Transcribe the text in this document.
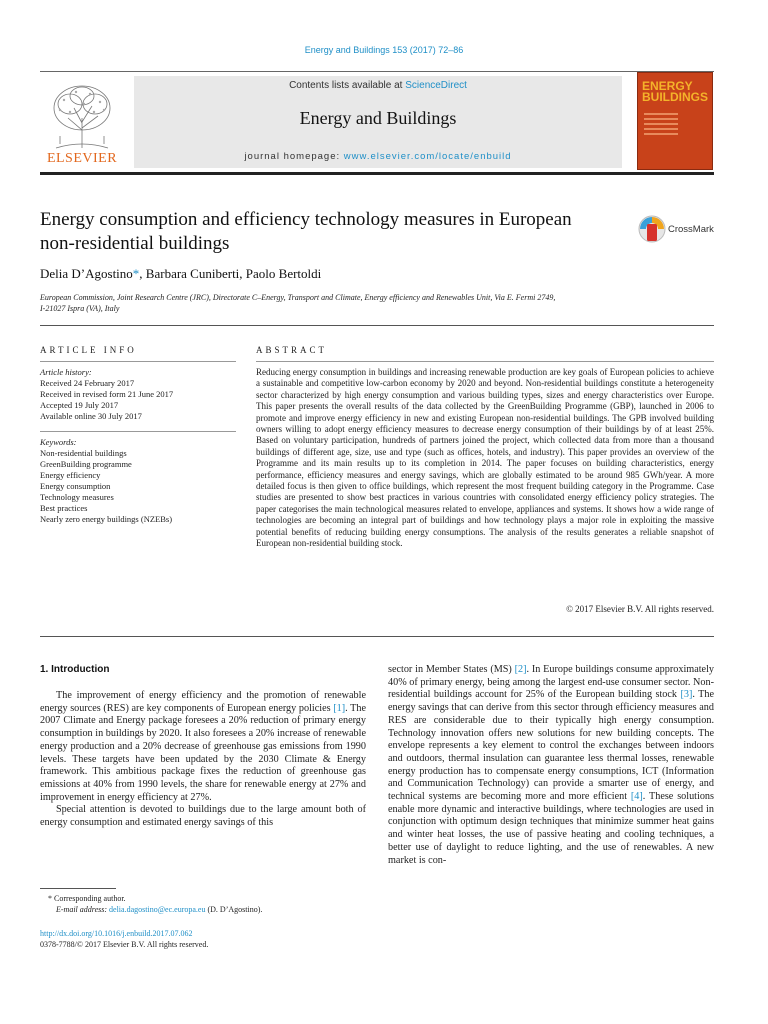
Energy and Buildings 153 (2017) 72–86
ELSEVIER
Contents lists available at ScienceDirect
Energy and Buildings
journal homepage: www.elsevier.com/locate/enbuild
ENERGY BUILDINGS
Energy consumption and efficiency technology measures in European
non-residential buildings
CrossMark
Delia D’Agostino*, Barbara Cuniberti, Paolo Bertoldi
European Commission, Joint Research Centre (JRC), Directorate C–Energy, Transport and Climate, Energy efficiency and Renewables Unit, Via E. Fermi 2749,
I-21027 Ispra (VA), Italy
ARTICLE INFO
Article history:
Received 24 February 2017
Received in revised form 21 June 2017
Accepted 19 July 2017
Available online 30 July 2017
Keywords:
Non-residential buildings
GreenBuilding programme
Energy efficiency
Energy consumption
Technology measures
Best practices
Nearly zero energy buildings (NZEBs)
ABSTRACT
Reducing energy consumption in buildings and increasing renewable production are key goals of European policies to achieve a sustainable and competitive low-carbon economy by 2020 and beyond. Non-residential buildings constitute a heterogeneity sector characterized by high energy consumption and various building types, sizes and energy characteristics over Europe. This paper presents the overall results of the data collected by the GreenBuilding Programme (GBP), launched in 2006 to promote and improve energy efficiency in new and existing European non-residential buildings. The GPB involved building owners willing to adopt energy efficiency measures to decrease energy consumption of their buildings by of at least 25%. Based on voluntary participation, hundreds of partners joined the project, which collected data from more than a thousand buildings of different age, size, use and type (such as offices, hotels, and industry). This paper provides an overview of the Programme and its main results up to its completion in 2014. The paper focuses on building characteristics, energy performance, efficiency measures and energy savings, which are globally estimated to be around 985 GWh/year. A more detailed focus is then given to office buildings, which represent the most frequent building category in the Programme. Case studies are presented to show best practices in various countries with consolidated energy efficiency policy strategies. The paper categorises the main technological measures related to envelope, appliances and systems. It shows how a wide range of technologies are becoming an integral part of buildings and how technology plays a major role in exploiting the massive potential benefits of reducing building energy consumptions. The analysis of the results generates a reliable snapshot of European non-residential building stock.
© 2017 Elsevier B.V. All rights reserved.
1. Introduction

The improvement of energy efficiency and the promotion of renewable energy sources (RES) are key components of European energy policies [1]. The 2007 Climate and Energy package foresees a 20% reduction of primary energy consumption in buildings by 2020. It also foresees a 20% increase of renewable energy production and a 20% decrease of greenhouse gas emissions from 1990 levels. These targets have been updated by the 2030 Climate & Energy framework. This ambitious package fixes the reduction of greenhouse gas emissions at 40% from 1990 levels, the share for renewable energy at 27% and improvement in energy efficiency at 27%.

Special attention is devoted to buildings due to the large amount both of energy consumption and estimated energy savings of this

sector in Member States (MS) [2]. In Europe buildings consume approximately 40% of primary energy, being among the largest end-use consumer sector. Non-residential buildings account for 25% of the European building stock [3]. The energy savings that can derive from this sector through efficiency measures and RES are considerable due to their typically high energy consumption. Technology innovation offers new solutions for new building concepts. The envelope represents a key element to control the exchanges between indoors and outdoors, thermal insulation can guarantee less thermal losses, renewable energy production has to compensate energy consumptions, ICT (Information and Communication Technology) can provide a smarter use of energy, and technical systems are becoming more and more efficient [4]. These solutions enable more dynamic and interactive buildings, where technologies are used in conjunction with optimum design techniques that minimize summer heat gains and winter heat losses, the use of passive heating and cooling techniques, a better use of daylight to reduce lighting, and the use of renewables. A new market is con-
* Corresponding author.
E-mail address: delia.dagostino@ec.europa.eu (D. D’Agostino).
http://dx.doi.org/10.1016/j.enbuild.2017.07.062
0378-7788/© 2017 Elsevier B.V. All rights reserved.
